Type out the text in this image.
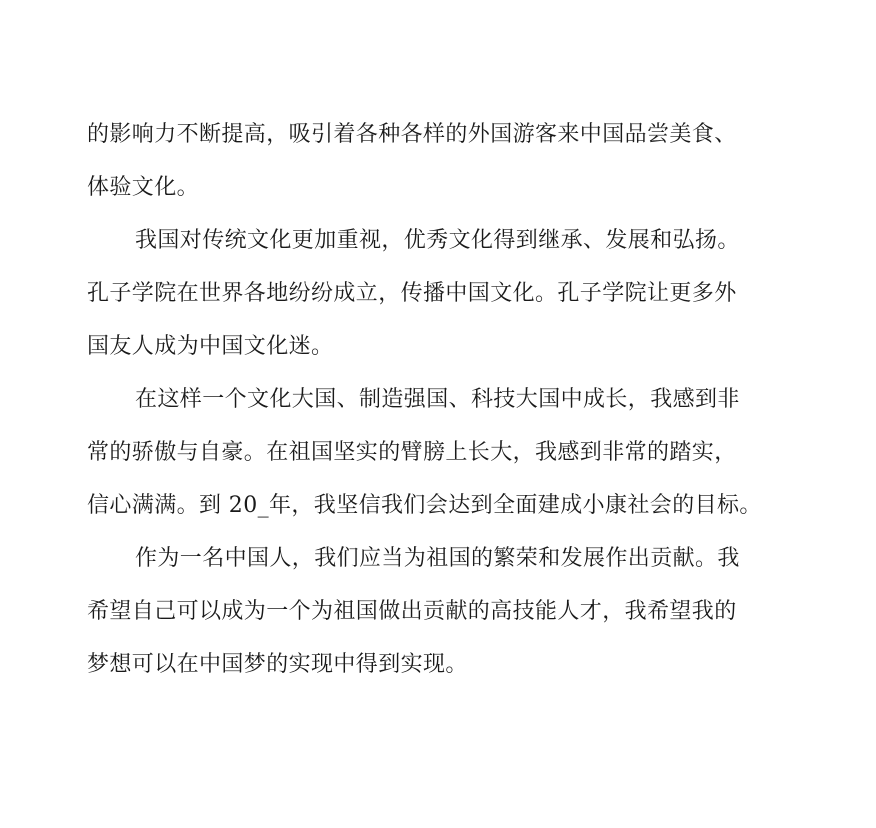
的影响力不断提高，吸引着各种各样的外国游客来中国品尝美食、
体验文化。
我国对传统文化更加重视，优秀文化得到继承、发展和弘扬。
孔子学院在世界各地纷纷成立，传播中国文化。孔子学院让更多外
国友人成为中国文化迷。
在这样一个文化大国、制造强国、科技大国中成长，我感到非
常的骄傲与自豪。在祖国坚实的臂膀上长大，我感到非常的踏实，
信心满满。到 20_年，我坚信我们会达到全面建成小康社会的目标。
作为一名中国人，我们应当为祖国的繁荣和发展作出贡献。我
希望自己可以成为一个为祖国做出贡献的高技能人才，我希望我的
梦想可以在中国梦的实现中得到实现。
